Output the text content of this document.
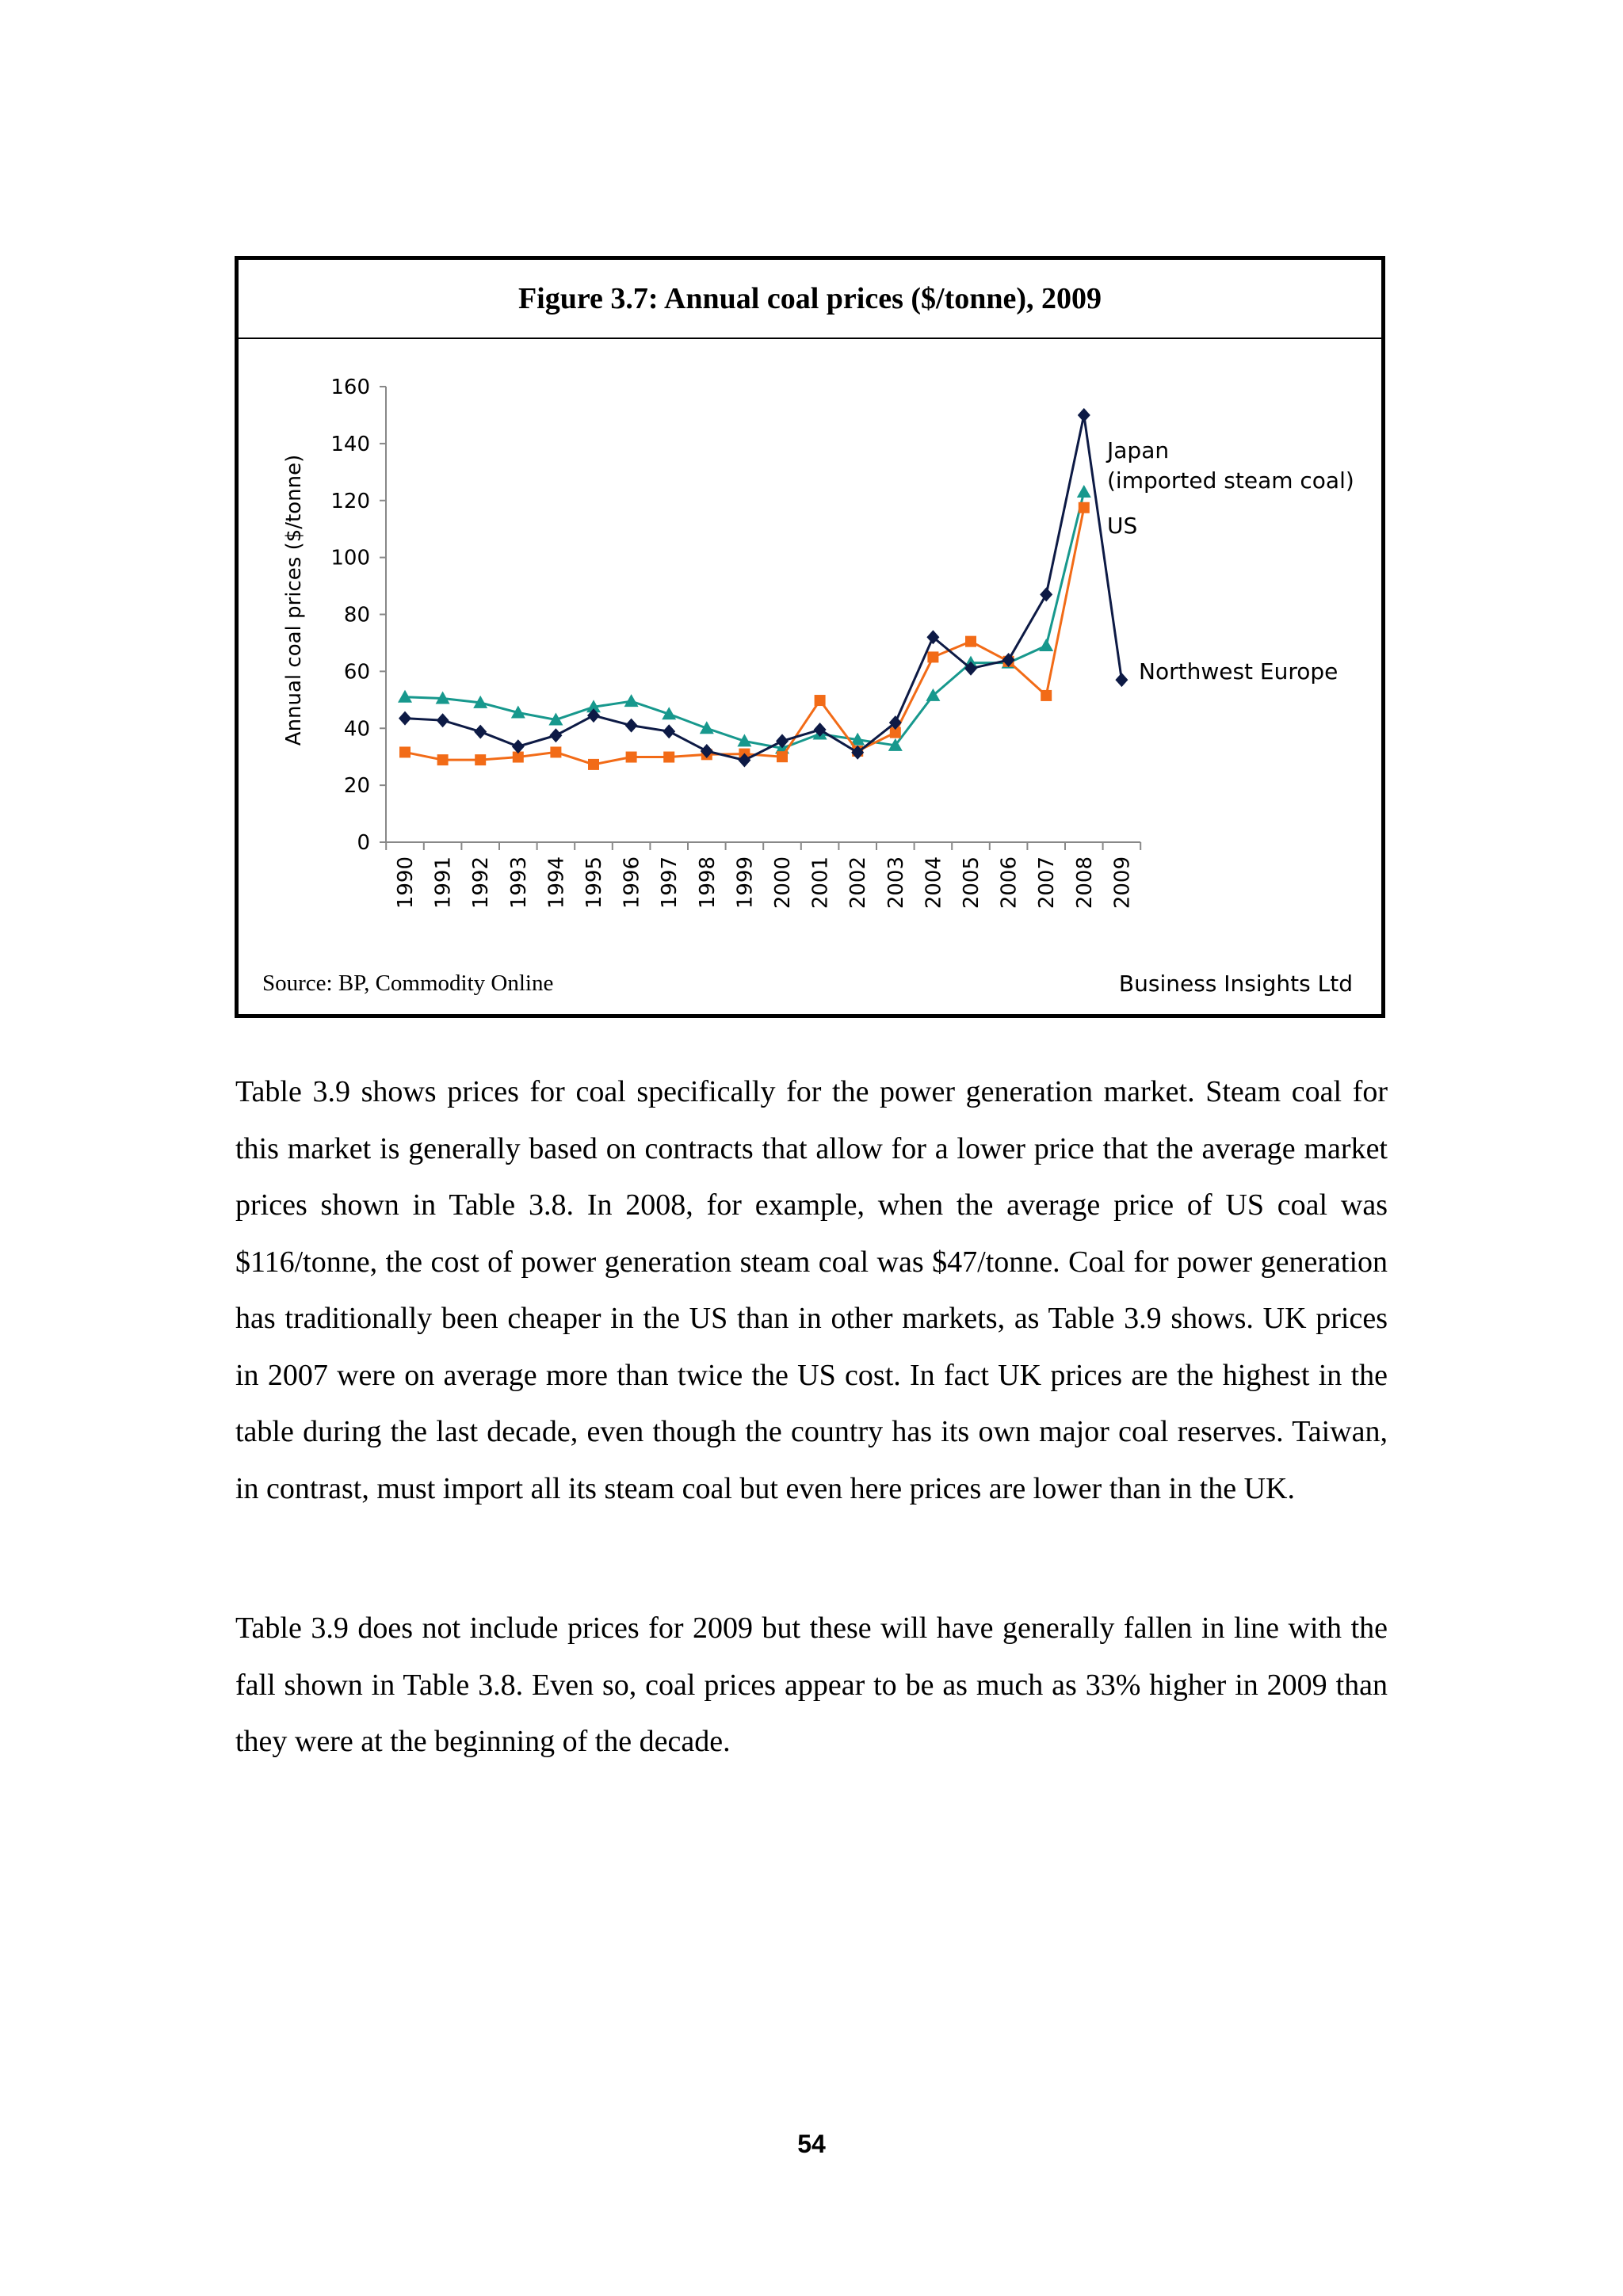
Figure 3.7: Annual coal prices ($/tonne), 2009
0
20
40
60
80
100
120
140
160
Annual coal prices ($/tonne)
1990 1991 1992 1993 1994 1995 1996 1997 1998 1999 2000 2001 2002 2003 2004 2005 2006 2007 2008 2009
Japan
(imported steam coal)
US
Northwest Europe
Source: BP, Commodity Online	Business Insights Ltd

Table 3.9 shows prices for coal specifically for the power generation market. Steam coal for this market is generally based on contracts that allow for a lower price that the average market prices shown in Table 3.8. In 2008, for example, when the average price of US coal was $116/tonne, the cost of power generation steam coal was $47/tonne. Coal for power generation has traditionally been cheaper in the US than in other markets, as Table 3.9 shows. UK prices in 2007 were on average more than twice the US cost. In fact UK prices are the highest in the table during the last decade, even though the country has its own major coal reserves. Taiwan, in contrast, must import all its steam coal but even here prices are lower than in the UK.

Table 3.9 does not include prices for 2009 but these will have generally fallen in line with the fall shown in Table 3.8. Even so, coal prices appear to be as much as 33% higher in 2009 than they were at the beginning of the decade.

54
